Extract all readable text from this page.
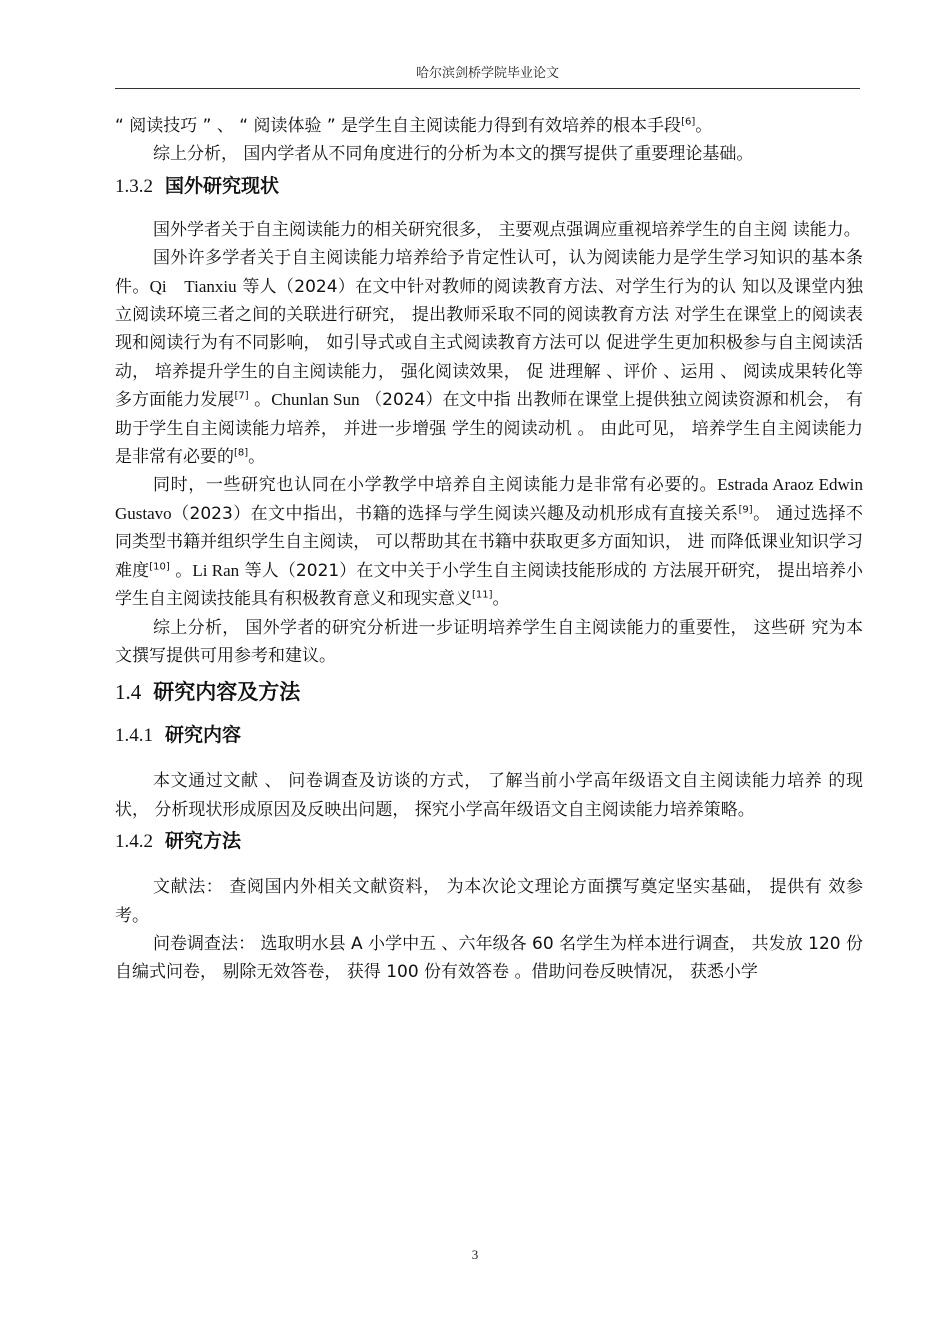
哈尔滨剑桥学院毕业论文

“ 阅读技巧 ” 、 “ 阅读体验 ” 是学生自主阅读能力得到有效培养的根本手段[6]。

综上分析， 国内学者从不同角度进行的分析为本文的撰写提供了重要理论基础。

1.3.2 国外研究现状

国外学者关于自主阅读能力的相关研究很多， 主要观点强调应重视培养学生的自主阅 读能力。

国外许多学者关于自主阅读能力培养给予肯定性认可，认为阅读能力是学生学习知识的基本条件。Qi　Tianxiu 等人（2024）在文中针对教师的阅读教育方法、对学生行为的认 知以及课堂内独立阅读环境三者之间的关联进行研究， 提出教师采取不同的阅读教育方法 对学生在课堂上的阅读表现和阅读行为有不同影响， 如引导式或自主式阅读教育方法可以 促进学生更加积极参与自主阅读活动， 培养提升学生的自主阅读能力， 强化阅读效果， 促 进理解 、评价 、运用 、 阅读成果转化等多方面能力发展[7] 。Chunlan Sun （2024）在文中指 出教师在课堂上提供独立阅读资源和机会， 有助于学生自主阅读能力培养， 并进一步增强 学生的阅读动机 。 由此可见， 培养学生自主阅读能力是非常有必要的[8]。

同时，一些研究也认同在小学教学中培养自主阅读能力是非常有必要的。Estrada Araoz Edwin Gustavo（2023）在文中指出，书籍的选择与学生阅读兴趣及动机形成有直接关系[9]。 通过选择不同类型书籍并组织学生自主阅读， 可以帮助其在书籍中获取更多方面知识， 进 而降低课业知识学习难度[10] 。Li Ran 等人（2021）在文中关于小学生自主阅读技能形成的 方法展开研究， 提出培养小学生自主阅读技能具有积极教育意义和现实意义[11]。

综上分析， 国外学者的研究分析进一步证明培养学生自主阅读能力的重要性， 这些研 究为本文撰写提供可用参考和建议。

1.4 研究内容及方法
1.4.1 研究内容

本文通过文献 、 问卷调查及访谈的方式， 了解当前小学高年级语文自主阅读能力培养 的现状， 分析现状形成原因及反映出问题， 探究小学高年级语文自主阅读能力培养策略。

1.4.2 研究方法

文献法： 查阅国内外相关文献资料， 为本次论文理论方面撰写奠定坚实基础， 提供有 效参考。

问卷调查法： 选取明水县 A 小学中五 、六年级各 60 名学生为样本进行调查， 共发放 120 份自编式问卷， 剔除无效答卷， 获得 100 份有效答卷 。借助问卷反映情况， 获悉小学

3
